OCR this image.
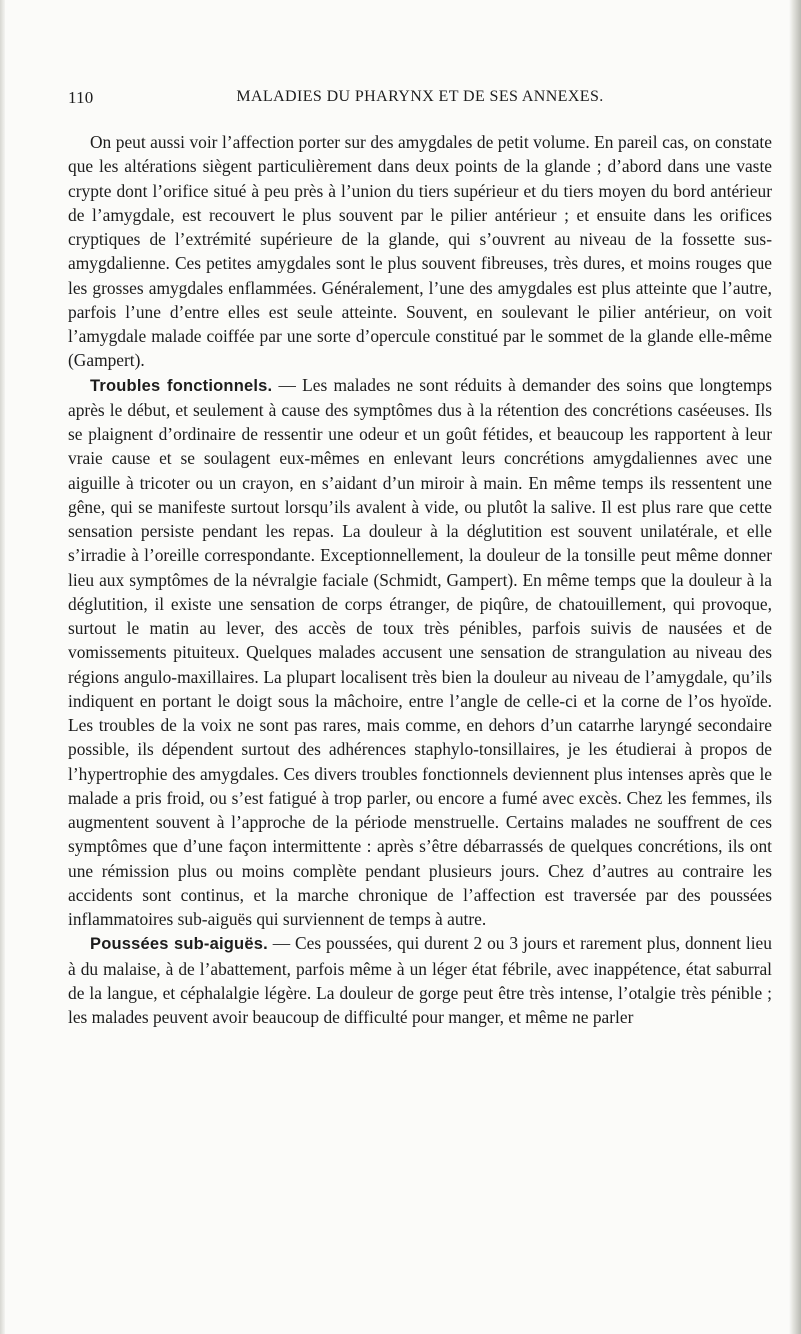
110	MALADIES DU PHARYNX ET DE SES ANNEXES.

On peut aussi voir l’affection porter sur des amygdales de petit volume. En pareil cas, on constate que les altérations siègent particulièrement dans deux points de la glande ; d’abord dans une vaste crypte dont l’orifice situé à peu près à l’union du tiers supérieur et du tiers moyen du bord antérieur de l’amygdale, est recouvert le plus souvent par le pilier antérieur ; et ensuite dans les orifices cryptiques de l’extrémité supérieure de la glande, qui s’ouvrent au niveau de la fossette sus-amygdalienne. Ces petites amygdales sont le plus souvent fibreuses, très dures, et moins rouges que les grosses amygdales enflammées. Généralement, l’une des amygdales est plus atteinte que l’autre, parfois l’une d’entre elles est seule atteinte. Souvent, en soulevant le pilier antérieur, on voit l’amygdale malade coiffée par une sorte d’opercule constitué par le sommet de la glande elle-même (Gampert).

Troubles fonctionnels. — Les malades ne sont réduits à demander des soins que longtemps après le début, et seulement à cause des symptômes dus à la rétention des concrétions caséeuses. Ils se plaignent d’ordinaire de ressentir une odeur et un goût fétides, et beaucoup les rapportent à leur vraie cause et se soulagent eux-mêmes en enlevant leurs concrétions amygdaliennes avec une aiguille à tricoter ou un crayon, en s’aidant d’un miroir à main. En même temps ils ressentent une gêne, qui se manifeste surtout lorsqu’ils avalent à vide, ou plutôt la salive. Il est plus rare que cette sensation persiste pendant les repas. La douleur à la déglutition est souvent unilatérale, et elle s’irradie à l’oreille correspondante. Exceptionnellement, la douleur de la tonsille peut même donner lieu aux symptômes de la névralgie faciale (Schmidt, Gampert). En même temps que la douleur à la déglutition, il existe une sensation de corps étranger, de piqûre, de chatouillement, qui provoque, surtout le matin au lever, des accès de toux très pénibles, parfois suivis de nausées et de vomissements pituiteux. Quelques malades accusent une sensation de strangulation au niveau des régions angulo-maxillaires. La plupart localisent très bien la douleur au niveau de l’amygdale, qu’ils indiquent en portant le doigt sous la mâchoire, entre l’angle de celle-ci et la corne de l’os hyoïde. Les troubles de la voix ne sont pas rares, mais comme, en dehors d’un catarrhe laryngé secondaire possible, ils dépendent surtout des adhérences staphylo-tonsillaires, je les étudierai à propos de l’hypertrophie des amygdales. Ces divers troubles fonctionnels deviennent plus intenses après que le malade a pris froid, ou s’est fatigué à trop parler, ou encore a fumé avec excès. Chez les femmes, ils augmentent souvent à l’approche de la période menstruelle. Certains malades ne souffrent de ces symptômes que d’une façon intermittente : après s’être débarrassés de quelques concrétions, ils ont une rémission plus ou moins complète pendant plusieurs jours. Chez d’autres au contraire les accidents sont continus, et la marche chronique de l’affection est traversée par des poussées inflammatoires sub-aiguës qui surviennent de temps à autre.

Poussées sub-aiguës. — Ces poussées, qui durent 2 ou 3 jours et rarement plus, donnent lieu à du malaise, à de l’abattement, parfois même à un léger état fébrile, avec inappétence, état saburral de la langue, et céphalalgie légère. La douleur de gorge peut être très intense, l’otalgie très pénible ; les malades peuvent avoir beaucoup de difficulté pour manger, et même ne parler
